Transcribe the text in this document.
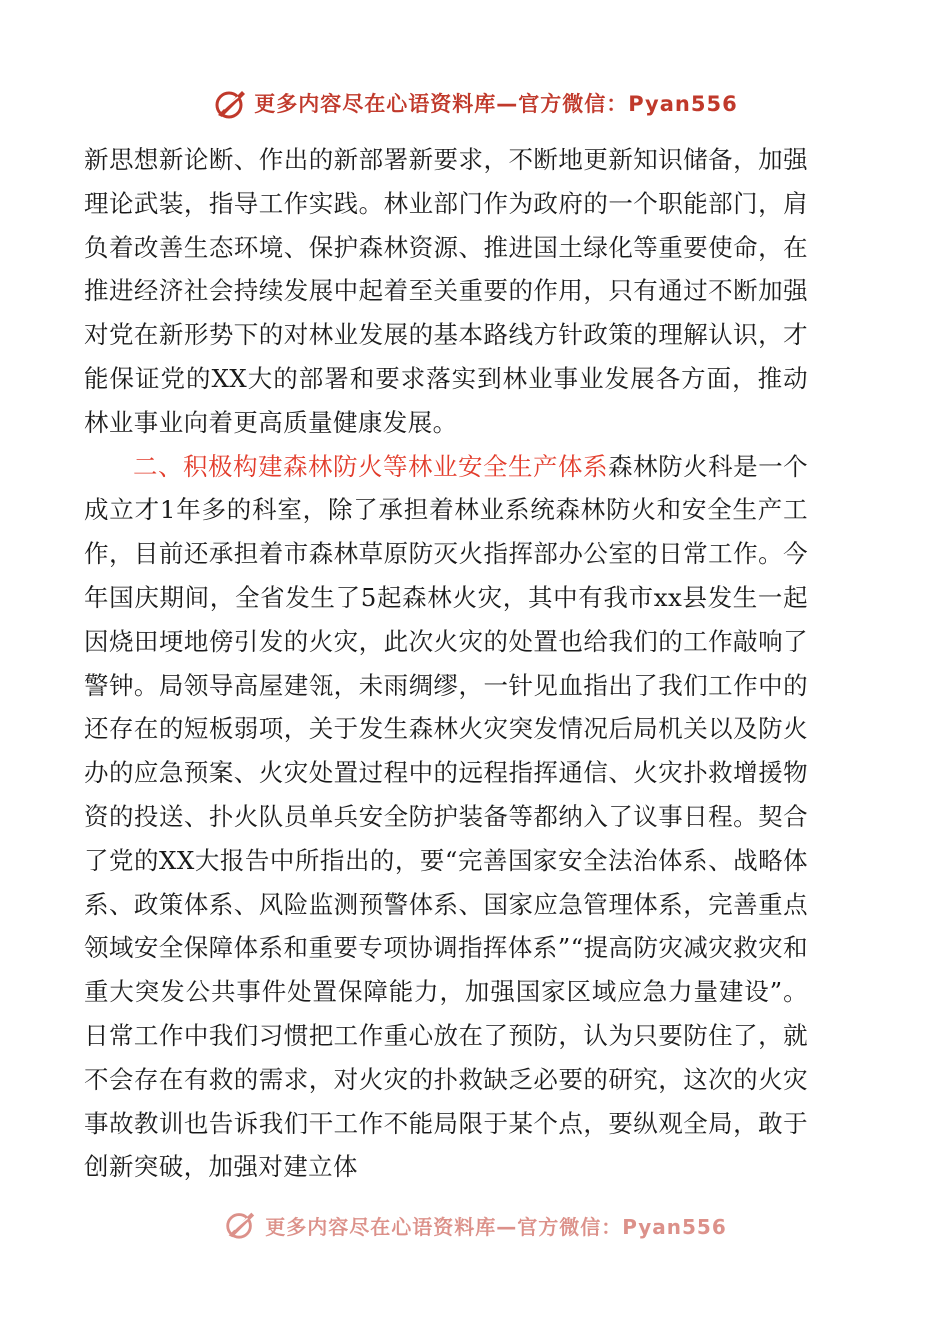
更多内容尽在心语资料库—官方微信：Pyan556

新思想新论断、作出的新部署新要求，不断地更新知识储备，加强理论武装，指导工作实践。林业部门作为政府的一个职能部门，肩负着改善生态环境、保护森林资源、推进国土绿化等重要使命，在推进经济社会持续发展中起着至关重要的作用，只有通过不断加强对党在新形势下的对林业发展的基本路线方针政策的理解认识，才能保证党的XX大的部署和要求落实到林业事业发展各方面，推动林业事业向着更高质量健康发展。

二、积极构建森林防火等林业安全生产体系森林防火科是一个成立才1年多的科室，除了承担着林业系统森林防火和安全生产工作，目前还承担着市森林草原防灭火指挥部办公室的日常工作。今年国庆期间，全省发生了5起森林火灾，其中有我市xx县发生一起因烧田埂地傍引发的火灾，此次火灾的处置也给我们的工作敲响了警钟。局领导高屋建瓴，未雨绸缪，一针见血指出了我们工作中的还存在的短板弱项，关于发生森林火灾突发情况后局机关以及防火办的应急预案、火灾处置过程中的远程指挥通信、火灾扑救增援物资的投送、扑火队员单兵安全防护装备等都纳入了议事日程。契合了党的XX大报告中所指出的，要“完善国家安全法治体系、战略体系、政策体系、风险监测预警体系、国家应急管理体系，完善重点领域安全保障体系和重要专项协调指挥体系”“提高防灾减灾救灾和重大突发公共事件处置保障能力，加强国家区域应急力量建设”。日常工作中我们习惯把工作重心放在了预防，认为只要防住了，就不会存在有救的需求，对火灾的扑救缺乏必要的研究，这次的火灾事故教训也告诉我们干工作不能局限于某个点，要纵观全局，敢于创新突破，加强对建立体

更多内容尽在心语资料库—官方微信：Pyan556
